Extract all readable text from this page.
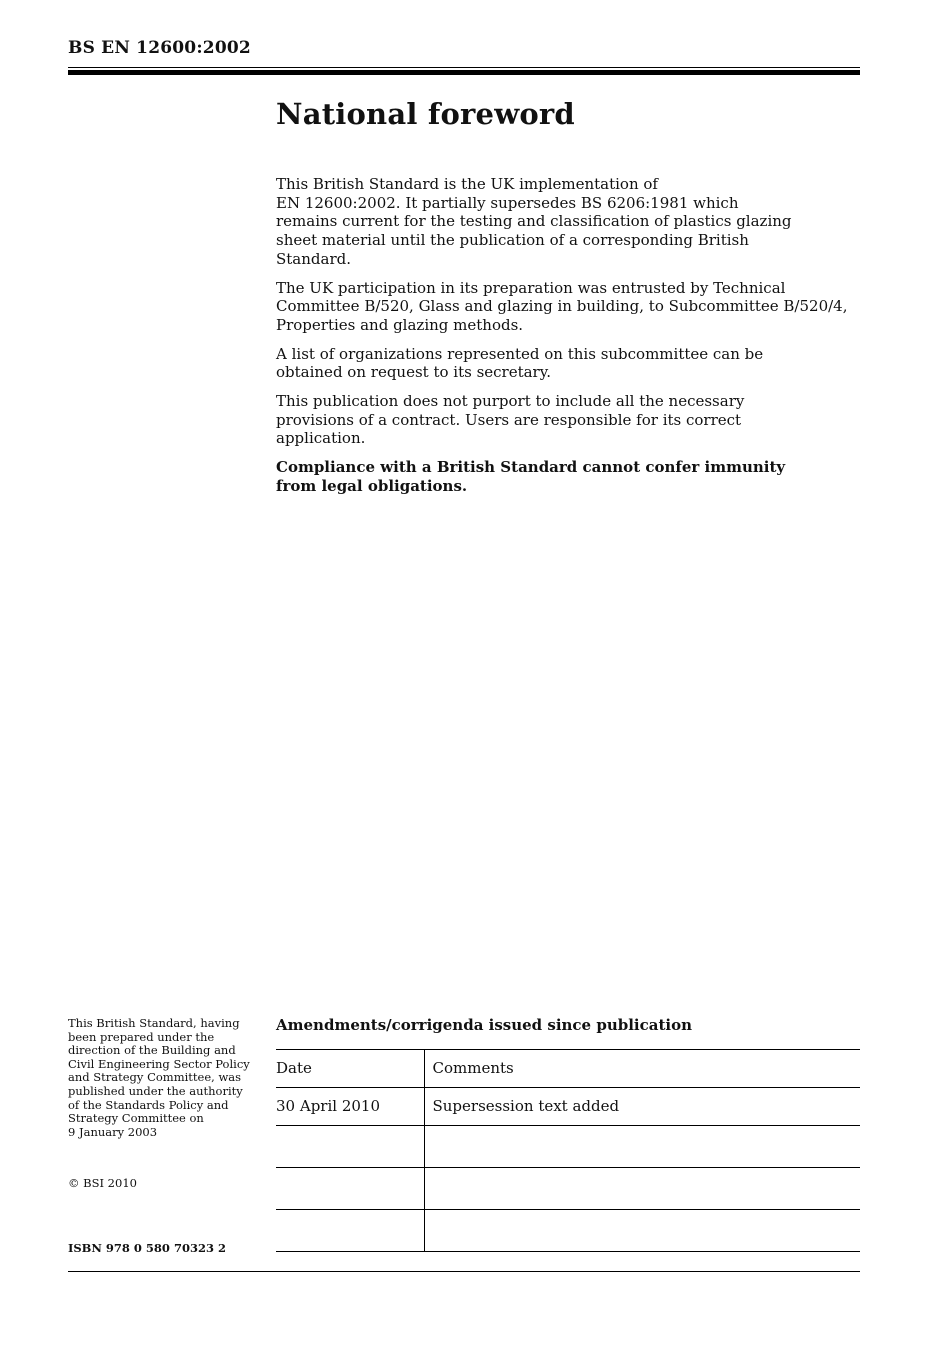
BS EN 12600:2002
National foreword

This British Standard is the UK implementation of
EN 12600:2002. It partially supersedes BS 6206:1981 which
remains current for the testing and classification of plastics glazing
sheet material until the publication of a corresponding British
Standard.

The UK participation in its preparation was entrusted by Technical
Committee B/520, Glass and glazing in building, to Subcommittee B/520/4,
Properties and glazing methods.

A list of organizations represented on this subcommittee can be
obtained on request to its secretary.

This publication does not purport to include all the necessary
provisions of a contract. Users are responsible for its correct
application.

Compliance with a British Standard cannot confer immunity
from legal obligations.

This British Standard, having
been prepared under the
direction of the Building and
Civil Engineering Sector Policy
and Strategy Committee, was
published under the authority
of the Standards Policy and
Strategy Committee on
9 January 2003
© BSI 2010
ISBN 978 0 580 70323 2
Amendments/corrigenda issued since publication
Date	Comments

30 April 2010	Supersession text added
